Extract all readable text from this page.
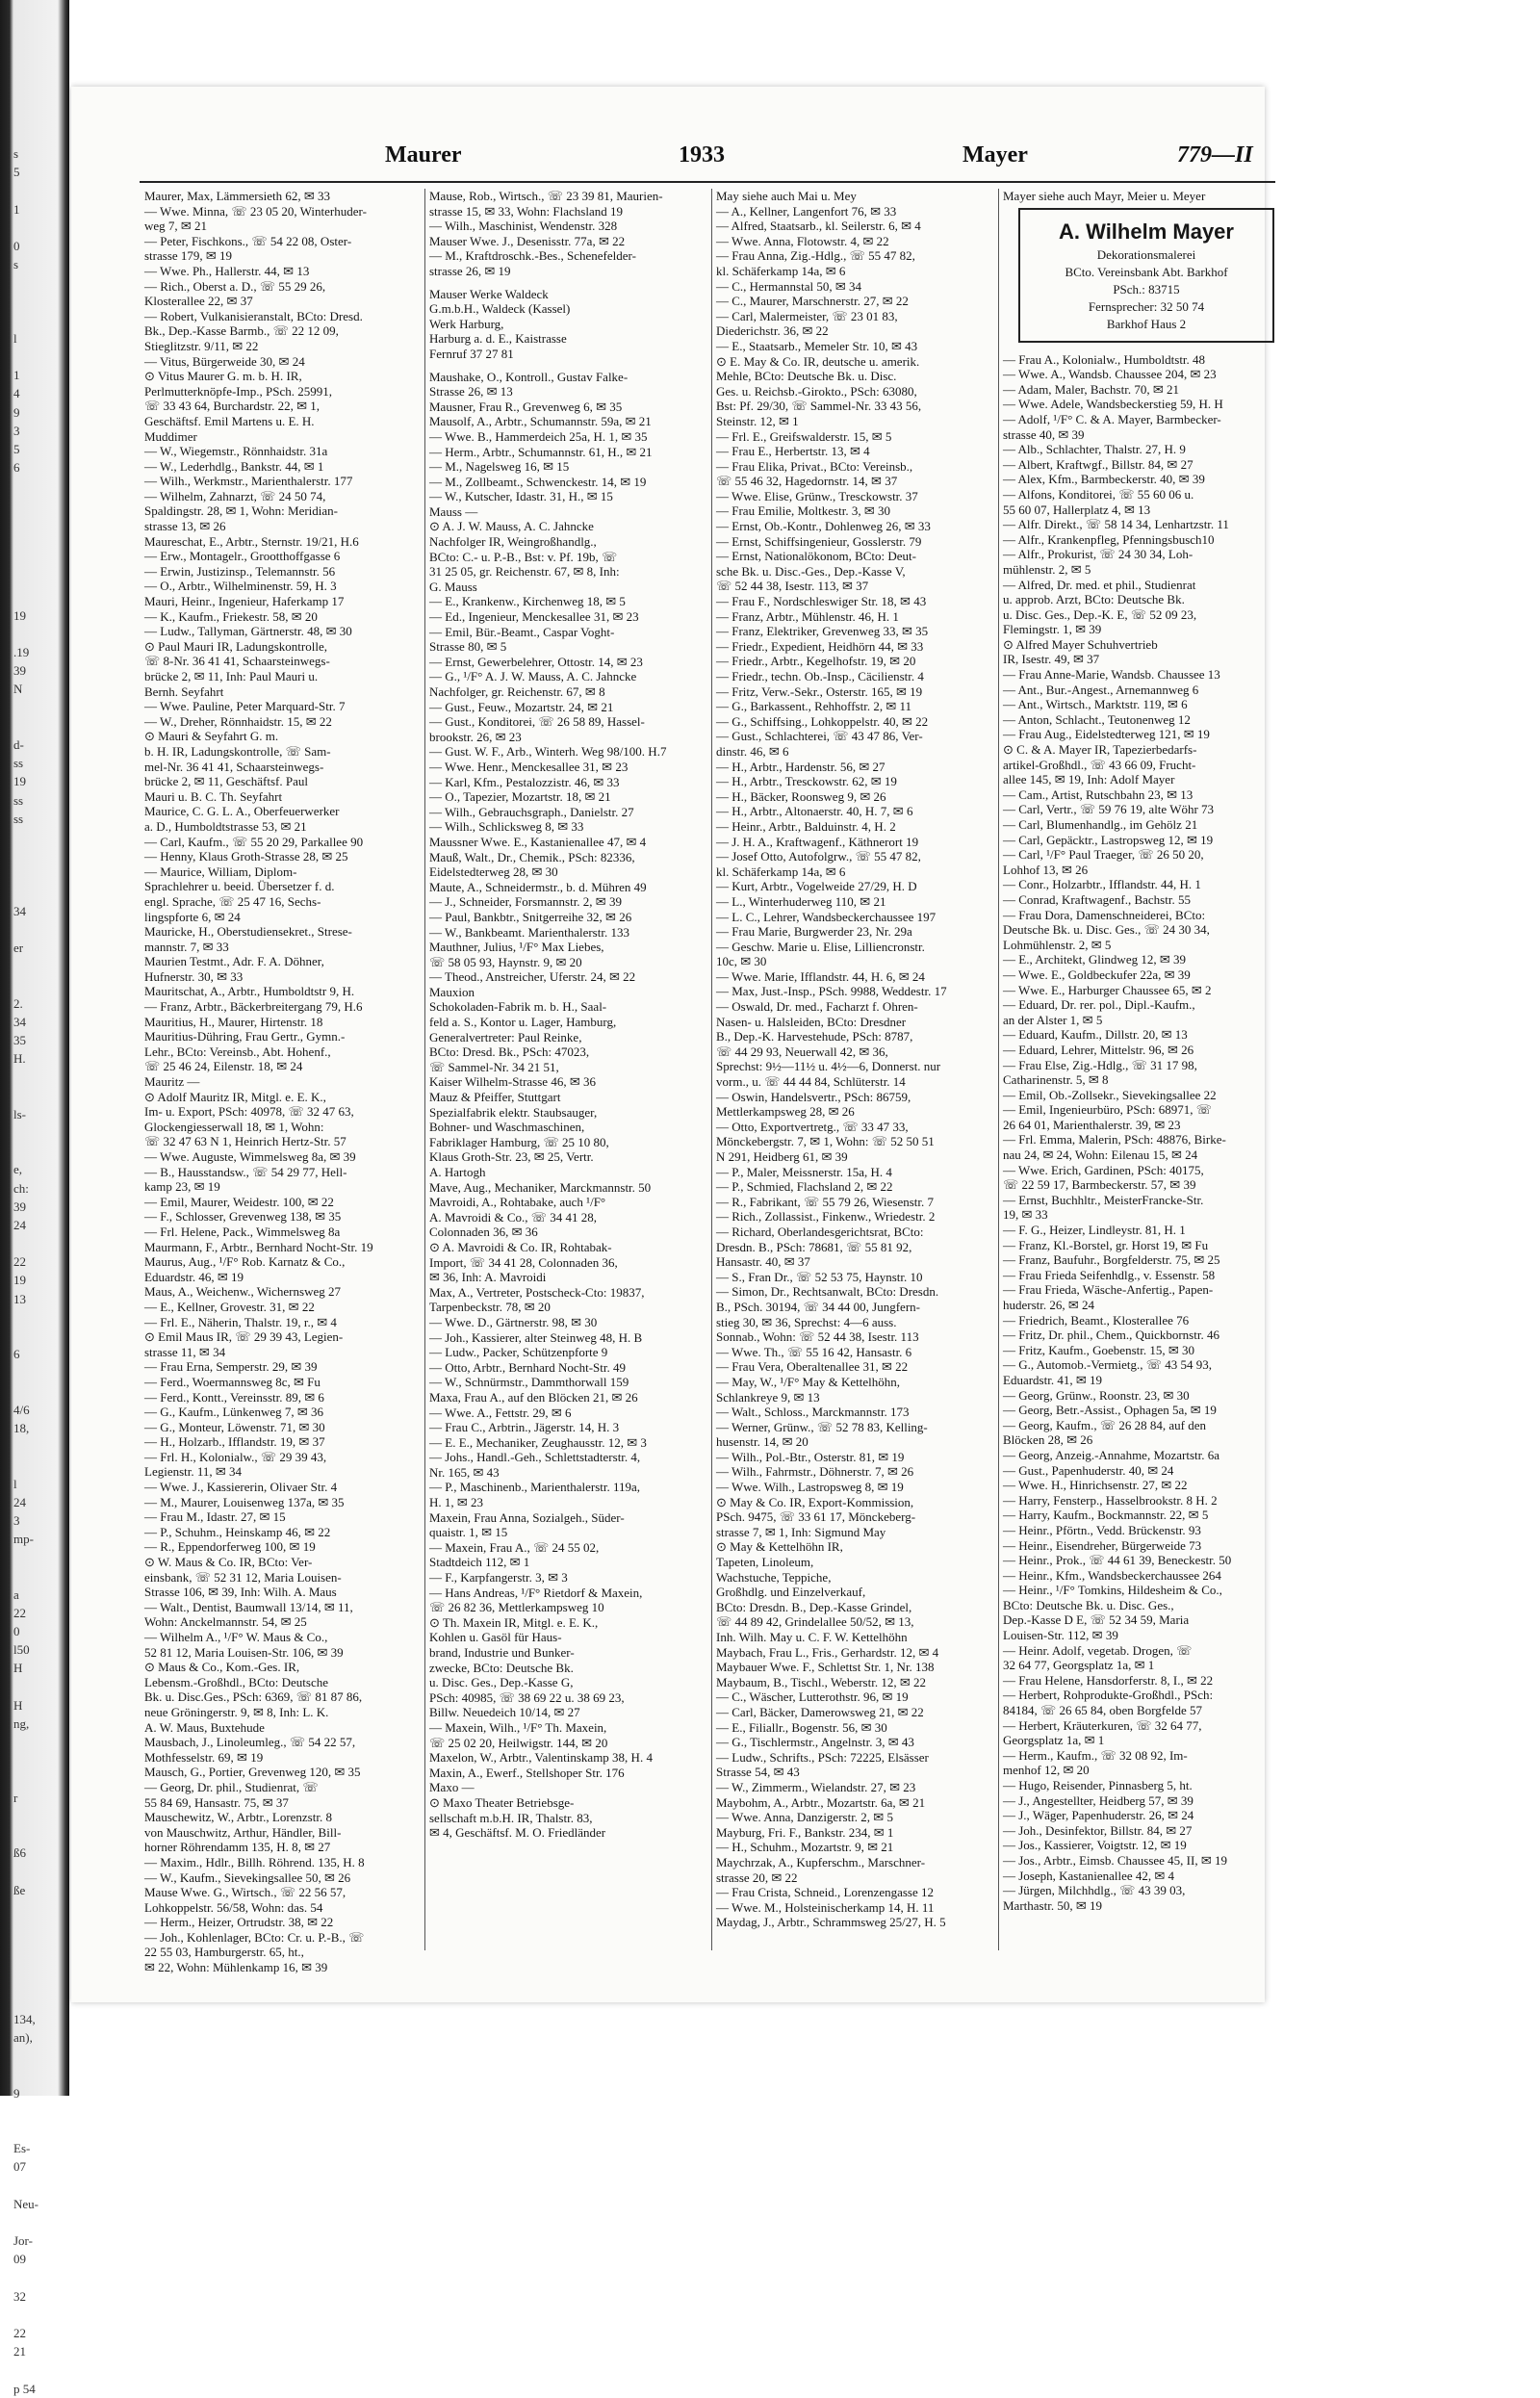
s
5
1
0
s
l
1
4
9
3
5
6
19
.19
39
N
d-
ss
19
ss
ss
34
er
2.
34
35
H.
ls-
e,
ch:
39
24
22
19
13
6
4/6
18,
l
24
3
mp-
a
22
0
l50
H
H
ng,
r
ß6
ße
134,
an),
9
Es-
07
Neu-
Jor-
09
32
22
21
p 54
Maurer	1933	Mayer	779—II
Maurer, Max, Lämmersieth 62, ✉ 33
— Wwe. Minna, ☏ 23 05 20, Winterhuder-
weg 7, ✉ 21
— Peter, Fischkons., ☏ 54 22 08, Oster-
strasse 179, ✉ 19
— Wwe. Ph., Hallerstr. 44, ✉ 13
— Rich., Oberst a. D., ☏ 55 29 26,
Klosterallee 22, ✉ 37
— Robert, Vulkanisieranstalt, BCto: Dresd.
Bk., Dep.-Kasse Barmb., ☏ 22 12 09,
Stieglitzstr. 9/11, ✉ 22
— Vitus, Bürgerweide 30, ✉ 24
⊙ Vitus Maurer G. m. b. H. IR,
Perlmutterknöpfe-Imp., PSch. 25991,
☏ 33 43 64, Burchardstr. 22, ✉ 1,
Geschäftsf. Emil Martens u. E. H.
Muddimer
— W., Wiegemstr., Rönnhaidstr. 31a
— W., Lederhdlg., Bankstr. 44, ✉ 1
— Wilh., Werkmstr., Marienthalerstr. 177
— Wilhelm, Zahnarzt, ☏ 24 50 74,
Spaldingstr. 28, ✉ 1, Wohn: Meridian-
strasse 13, ✉ 26
Maureschat, E., Arbtr., Sternstr. 19/21, H.6
— Erw., Montagelr., Grootthoffgasse 6
— Erwin, Justizinsp., Telemannstr. 56
— O., Arbtr., Wilhelminenstr. 59, H. 3
Mauri, Heinr., Ingenieur, Haferkamp 17
— K., Kaufm., Friekestr. 58, ✉ 20
— Ludw., Tallyman, Gärtnerstr. 48, ✉ 30
⊙ Paul Mauri IR, Ladungskontrolle,
☏ 8-Nr. 36 41 41, Schaarsteinwegs-
brücke 2, ✉ 11, Inh: Paul Mauri u.
Bernh. Seyfahrt
— Wwe. Pauline, Peter Marquard-Str. 7
— W., Dreher, Rönnhaidstr. 15, ✉ 22
⊙ Mauri & Seyfahrt G. m.
b. H. IR, Ladungskontrolle, ☏ Sam-
mel-Nr. 36 41 41, Schaarsteinwegs-
brücke 2, ✉ 11, Geschäftsf. Paul
Mauri u. B. C. Th. Seyfahrt
Maurice, C. G. L. A., Oberfeuerwerker
a. D., Humboldtstrasse 53, ✉ 21
— Carl, Kaufm., ☏ 55 20 29, Parkallee 90
— Henny, Klaus Groth-Strasse 28, ✉ 25
— Maurice, William, Diplom-
Sprachlehrer u. beeid. Übersetzer f. d.
engl. Sprache, ☏ 25 47 16, Sechs-
lingspforte 6, ✉ 24
Mauricke, H., Oberstudiensekret., Strese-
mannstr. 7, ✉ 33
Maurien Testmt., Adr. F. A. Döhner,
Hufnerstr. 30, ✉ 33
Mauritschat, A., Arbtr., Humboldtstr 9, H.
— Franz, Arbtr., Bäckerbreitergang 79, H.6
Mauritius, H., Maurer, Hirtenstr. 18
Mauritius-Dühring, Frau Gertr., Gymn.-
Lehr., BCto: Vereinsb., Abt. Hohenf.,
☏ 25 46 24, Eilenstr. 18, ✉ 24
Mauritz —
⊙ Adolf Mauritz IR, Mitgl. e. E. K.,
Im- u. Export, PSch: 40978, ☏ 32 47 63,
Glockengiesserwall 18, ✉ 1, Wohn:
☏ 32 47 63 N 1, Heinrich Hertz-Str. 57
— Wwe. Auguste, Wimmelsweg 8a, ✉ 39
— B., Hausstandsw., ☏ 54 29 77, Hell-
kamp 23, ✉ 19
— Emil, Maurer, Weidestr. 100, ✉ 22
— F., Schlosser, Grevenweg 138, ✉ 35
— Frl. Helene, Pack., Wimmelsweg 8a
Maurmann, F., Arbtr., Bernhard Nocht-Str. 19
Maurus, Aug., ¹/F° Rob. Karnatz & Co.,
Eduardstr. 46, ✉ 19
Maus, A., Weichenw., Wichernsweg 27
— E., Kellner, Grovestr. 31, ✉ 22
— Frl. E., Näherin, Thalstr. 19, r., ✉ 4
⊙ Emil Maus IR, ☏ 29 39 43, Legien-
strasse 11, ✉ 34
— Frau Erna, Semperstr. 29, ✉ 39
— Ferd., Woermannsweg 8c, ✉ Fu
— Ferd., Kontt., Vereinsstr. 89, ✉ 6
— G., Kaufm., Lünkenweg 7, ✉ 36
— G., Monteur, Löwenstr. 71, ✉ 30
— H., Holzarb., Ifflandstr. 19, ✉ 37
— Frl. H., Kolonialw., ☏ 29 39 43,
Legienstr. 11, ✉ 34
— Wwe. J., Kassiererin, Olivaer Str. 4
— M., Maurer, Louisenweg 137a, ✉ 35
— Frau M., Idastr. 27, ✉ 15
— P., Schuhm., Heinskamp 46, ✉ 22
— R., Eppendorferweg 100, ✉ 19
⊙ W. Maus & Co. IR, BCto: Ver-
einsbank, ☏ 52 31 12, Maria Louisen-
Strasse 106, ✉ 39, Inh: Wilh. A. Maus
— Walt., Dentist, Baumwall 13/14, ✉ 11,
Wohn: Anckelmannstr. 54, ✉ 25
— Wilhelm A., ¹/F° W. Maus & Co.,
52 81 12, Maria Louisen-Str. 106, ✉ 39
⊙ Maus & Co., Kom.-Ges. IR,
Lebensm.-Großhdl., BCto: Deutsche
Bk. u. Disc.Ges., PSch: 6369, ☏ 81 87 86,
neue Gröningerstr. 9, ✉ 8, Inh: L. K.
A. W. Maus, Buxtehude
Mausbach, J., Linoleumleg., ☏ 54 22 57,
Mothfesselstr. 69, ✉ 19
Mausch, G., Portier, Grevenweg 120, ✉ 35
— Georg, Dr. phil., Studienrat, ☏
55 84 69, Hansastr. 75, ✉ 37
Mauschewitz, W., Arbtr., Lorenzstr. 8
von Mauschwitz, Arthur, Händler, Bill-
horner Röhrendamm 135, H. 8, ✉ 27
— Maxim., Hdlr., Billh. Röhrend. 135, H. 8
— W., Kaufm., Sievekingsallee 50, ✉ 26
Mause Wwe. G., Wirtsch., ☏ 22 56 57,
Lohkoppelstr. 56/58, Wohn: das. 54
— Herm., Heizer, Ortrudstr. 38, ✉ 22
— Joh., Kohlenlager, BCto: Cr. u. P.-B., ☏
22 55 03, Hamburgerstr. 65, ht.,
✉ 22, Wohn: Mühlenkamp 16, ✉ 39
Mause, Rob., Wirtsch., ☏ 23 39 81, Maurien-
strasse 15, ✉ 33, Wohn: Flachsland 19
— Wilh., Maschinist, Wendenstr. 328
Mauser Wwe. J., Desenisstr. 77a, ✉ 22
— M., Kraftdroschk.-Bes., Schenefelder-
strasse 26, ✉ 19
Mauser Werke Waldeck
G.m.b.H., Waldeck (Kassel)
Werk Harburg,
Harburg a. d. E., Kaistrasse
Fernruf 37 27 81
Maushake, O., Kontroll., Gustav Falke-
Strasse 26, ✉ 13
Mausner, Frau R., Grevenweg 6, ✉ 35
Mausolf, A., Arbtr., Schumannstr. 59a, ✉ 21
— Wwe. B., Hammerdeich 25a, H. 1, ✉ 35
— Herm., Arbtr., Schumannstr. 61, H., ✉ 21
— M., Nagelsweg 16, ✉ 15
— M., Zollbeamt., Schwenckestr. 14, ✉ 19
— W., Kutscher, Idastr. 31, H., ✉ 15
Mauss —
⊙ A. J. W. Mauss, A. C. Jahncke
Nachfolger IR, Weingroßhandlg.,
BCto: C.- u. P.-B., Bst: v. Pf. 19b, ☏
31 25 05, gr. Reichenstr. 67, ✉ 8, Inh:
G. Mauss
— E., Krankenw., Kirchenweg 18, ✉ 5
— Ed., Ingenieur, Menckesallee 31, ✉ 23
— Emil, Bür.-Beamt., Caspar Voght-
Strasse 80, ✉ 5
— Ernst, Gewerbelehrer, Ottostr. 14, ✉ 23
— G., ¹/F° A. J. W. Mauss, A. C. Jahncke
Nachfolger, gr. Reichenstr. 67, ✉ 8
— Gust., Feuw., Mozartstr. 24, ✉ 21
— Gust., Konditorei, ☏ 26 58 89, Hassel-
brookstr. 26, ✉ 23
— Gust. W. F., Arb., Winterh. Weg 98/100. H.7
— Wwe. Henr., Menckesallee 31, ✉ 23
— Karl, Kfm., Pestalozzistr. 46, ✉ 33
— O., Tapezier, Mozartstr. 18, ✉ 21
— Wilh., Gebrauchsgraph., Danielstr. 27
— Wilh., Schlicksweg 8, ✉ 33
Maussner Wwe. E., Kastanienallee 47, ✉ 4
Mauß, Walt., Dr., Chemik., PSch: 82336,
Eidelstedterweg 28, ✉ 30
Maute, A., Schneidermstr., b. d. Mühren 49
— J., Schneider, Forsmannstr. 2, ✉ 39
— Paul, Bankbtr., Snitgerreihe 32, ✉ 26
— W., Bankbeamt. Marienthalerstr. 133
Mauthner, Julius, ¹/F° Max Liebes,
☏ 58 05 93, Haynstr. 9, ✉ 20
— Theod., Anstreicher, Uferstr. 24, ✉ 22
Mauxion
Schokoladen-Fabrik m. b. H., Saal-
feld a. S., Kontor u. Lager, Hamburg,
Generalvertreter: Paul Reinke,
BCto: Dresd. Bk., PSch: 47023,
☏ Sammel-Nr. 34 21 51,
Kaiser Wilhelm-Strasse 46, ✉ 36
Mauz & Pfeiffer, Stuttgart
Spezialfabrik elektr. Staubsauger,
Bohner- und Waschmaschinen,
Fabriklager Hamburg, ☏ 25 10 80,
Klaus Groth-Str. 23, ✉ 25, Vertr.
A. Hartogh
Mave, Aug., Mechaniker, Marckmannstr. 50
Mavroidi, A., Rohtabake, auch ¹/F°
A. Mavroidi & Co., ☏ 34 41 28,
Colonnaden 36, ✉ 36
⊙ A. Mavroidi & Co. IR, Rohtabak-
Import, ☏ 34 41 28, Colonnaden 36,
✉ 36, Inh: A. Mavroidi
Max, A., Vertreter, Postscheck-Cto: 19837,
Tarpenbeckstr. 78, ✉ 20
— Wwe. D., Gärtnerstr. 98, ✉ 30
— Joh., Kassierer, alter Steinweg 48, H. B
— Ludw., Packer, Schützenpforte 9
— Otto, Arbtr., Bernhard Nocht-Str. 49
— W., Schnürmstr., Dammthorwall 159
Maxa, Frau A., auf den Blöcken 21, ✉ 26
— Wwe. A., Fettstr. 29, ✉ 6
— Frau C., Arbtrin., Jägerstr. 14, H. 3
— E. E., Mechaniker, Zeughausstr. 12, ✉ 3
— Johs., Handl.-Geh., Schlettstadterstr. 4,
Nr. 165, ✉ 43
— P., Maschinenb., Marienthalerstr. 119a,
H. 1, ✉ 23
Maxein, Frau Anna, Sozialgeh., Süder-
quaistr. 1, ✉ 15
— Maxein, Frau A., ☏ 24 55 02,
Stadtdeich 112, ✉ 1
— F., Karpfangerstr. 3, ✉ 3
— Hans Andreas, ¹/F° Rietdorf & Maxein,
☏ 26 82 36, Mettlerkampsweg 10
⊙ Th. Maxein IR, Mitgl. e. E. K.,
Kohlen u. Gasöl für Haus-
brand, Industrie und Bunker-
zwecke, BCto: Deutsche Bk.
u. Disc. Ges., Dep.-Kasse G,
PSch: 40985, ☏ 38 69 22 u. 38 69 23,
Billw. Neuedeich 10/14, ✉ 27
— Maxein, Wilh., ¹/F° Th. Maxein,
☏ 25 02 20, Heilwigstr. 144, ✉ 20
Maxelon, W., Arbtr., Valentinskamp 38, H. 4
Maxin, A., Ewerf., Stellshoper Str. 176
Maxo —
⊙ Maxo Theater Betriebsge-
sellschaft m.b.H. IR, Thalstr. 83,
✉ 4, Geschäftsf. M. O. Friedländer
May siehe auch Mai u. Mey
— A., Kellner, Langenfort 76, ✉ 33
— Alfred, Staatsarb., kl. Seilerstr. 6, ✉ 4
— Wwe. Anna, Flotowstr. 4, ✉ 22
— Frau Anna, Zig.-Hdlg., ☏ 55 47 82,
kl. Schäferkamp 14a, ✉ 6
— C., Hermannstal 50, ✉ 34
— C., Maurer, Marschnerstr. 27, ✉ 22
— Carl, Malermeister, ☏ 23 01 83,
Diederichstr. 36, ✉ 22
— E., Staatsarb., Memeler Str. 10, ✉ 43
⊙ E. May & Co. IR, deutsche u. amerik.
Mehle, BCto: Deutsche Bk. u. Disc.
Ges. u. Reichsb.-Girokto., PSch: 63080,
Bst: Pf. 29/30, ☏ Sammel-Nr. 33 43 56,
Steinstr. 12, ✉ 1
— Frl. E., Greifswalderstr. 15, ✉ 5
— Frau E., Herbertstr. 13, ✉ 4
— Frau Elika, Privat., BCto: Vereinsb.,
☏ 55 46 32, Hagedornstr. 14, ✉ 37
— Wwe. Elise, Grünw., Tresckowstr. 37
— Frau Emilie, Moltkestr. 3, ✉ 30
— Ernst, Ob.-Kontr., Dohlenweg 26, ✉ 33
— Ernst, Schiffsingenieur, Gosslerstr. 79
— Ernst, Nationalökonom, BCto: Deut-
sche Bk. u. Disc.-Ges., Dep.-Kasse V,
☏ 52 44 38, Isestr. 113, ✉ 37
— Frau F., Nordschleswiger Str. 18, ✉ 43
— Franz, Arbtr., Mühlenstr. 46, H. 1
— Franz, Elektriker, Grevenweg 33, ✉ 35
— Friedr., Expedient, Heidhörn 44, ✉ 33
— Friedr., Arbtr., Kegelhofstr. 19, ✉ 20
— Friedr., techn. Ob.-Insp., Cäcilienstr. 4
— Fritz, Verw.-Sekr., Osterstr. 165, ✉ 19
— G., Barkassent., Rehhoffstr. 2, ✉ 11
— G., Schiffsing., Lohkoppelstr. 40, ✉ 22
— Gust., Schlachterei, ☏ 43 47 86, Ver-
dinstr. 46, ✉ 6
— H., Arbtr., Hardenstr. 56, ✉ 27
— H., Arbtr., Tresckowstr. 62, ✉ 19
— H., Bäcker, Roonsweg 9, ✉ 26
— H., Arbtr., Altonaerstr. 40, H. 7, ✉ 6
— Heinr., Arbtr., Balduinstr. 4, H. 2
— J. H. A., Kraftwagenf., Käthnerort 19
— Josef Otto, Autofolgrw., ☏ 55 47 82,
kl. Schäferkamp 14a, ✉ 6
— Kurt, Arbtr., Vogelweide 27/29, H. D
— L., Winterhuderweg 110, ✉ 21
— L. C., Lehrer, Wandsbeckerchaussee 197
— Frau Marie, Burgwerder 23, Nr. 29a
— Geschw. Marie u. Elise, Lilliencronstr.
10c, ✉ 30
— Wwe. Marie, Ifflandstr. 44, H. 6, ✉ 24
— Max, Just.-Insp., PSch. 9988, Weddestr. 17
— Oswald, Dr. med., Facharzt f. Ohren-
Nasen- u. Halsleiden, BCto: Dresdner
B., Dep.-K. Harvestehude, PSch: 8787,
☏ 44 29 93, Neuerwall 42, ✉ 36,
Sprechst: 9½—11½ u. 4½—6, Donnerst. nur
vorm., u. ☏ 44 44 84, Schlüterstr. 14
— Oswin, Handelsvertr., PSch: 86759,
Mettlerkampsweg 28, ✉ 26
— Otto, Exportvertretg., ☏ 33 47 33,
Mönckebergstr. 7, ✉ 1, Wohn: ☏ 52 50 51
N 291, Heidberg 61, ✉ 39
— P., Maler, Meissnerstr. 15a, H. 4
— P., Schmied, Flachsland 2, ✉ 22
— R., Fabrikant, ☏ 55 79 26, Wiesenstr. 7
— Rich., Zollassist., Finkenw., Wriedestr. 2
— Richard, Oberlandesgerichtsrat, BCto:
Dresdn. B., PSch: 78681, ☏ 55 81 92,
Hansastr. 40, ✉ 37
— S., Fran Dr., ☏ 52 53 75, Haynstr. 10
— Simon, Dr., Rechtsanwalt, BCto: Dresdn.
B., PSch. 30194, ☏ 34 44 00, Jungfern-
stieg 30, ✉ 36, Sprechst: 4—6 auss.
Sonnab., Wohn: ☏ 52 44 38, Isestr. 113
— Wwe. Th., ☏ 55 16 42, Hansastr. 6
— Frau Vera, Oberaltenallee 31, ✉ 22
— May, W., ¹/F° May & Kettelhöhn,
Schlankreye 9, ✉ 13
— Walt., Schloss., Marckmannstr. 173
— Werner, Grünw., ☏ 52 78 83, Kelling-
husenstr. 14, ✉ 20
— Wilh., Pol.-Btr., Osterstr. 81, ✉ 19
— Wilh., Fahrmstr., Döhnerstr. 7, ✉ 26
— Wwe. Wilh., Lastropsweg 8, ✉ 19
⊙ May & Co. IR, Export-Kommission,
PSch. 9475, ☏ 33 61 17, Mönckeberg-
strasse 7, ✉ 1, Inh: Sigmund May
⊙ May & Kettelhöhn IR,
Tapeten, Linoleum,
Wachstuche, Teppiche,
Großhdlg. und Einzelverkauf,
BCto: Dresdn. B., Dep.-Kasse Grindel,
☏ 44 89 42, Grindelallee 50/52, ✉ 13,
Inh. Wilh. May u. C. F. W. Kettelhöhn
Maybach, Frau L., Fris., Gerhardstr. 12, ✉ 4
Maybauer Wwe. F., Schlettst Str. 1, Nr. 138
Maybaum, B., Tischl., Weberstr. 12, ✉ 22
— C., Wäscher, Lutterothstr. 96, ✉ 19
— Carl, Bäcker, Damerowsweg 21, ✉ 22
— E., Filiallr., Bogenstr. 56, ✉ 30
— G., Tischlermstr., Angelnstr. 3, ✉ 43
— Ludw., Schrifts., PSch: 72225, Elsässer
Strasse 54, ✉ 43
— W., Zimmerm., Wielandstr. 27, ✉ 23
Maybohm, A., Arbtr., Mozartstr. 6a, ✉ 21
— Wwe. Anna, Danzigerstr. 2, ✉ 5
Mayburg, Fri. F., Bankstr. 234, ✉ 1
— H., Schuhm., Mozartstr. 9, ✉ 21
Maychrzak, A., Kupferschm., Marschner-
strasse 20, ✉ 22
— Frau Crista, Schneid., Lorenzengasse 12
— Wwe. M., Holsteinischerkamp 14, H. 11
Maydag, J., Arbtr., Schrammsweg 25/27, H. 5
Mayer siehe auch Mayr, Meier u. Meyer
A. Wilhelm Mayer
Dekorationsmalerei
BCto. Vereinsbank Abt. Barkhof
PSch.: 83715
Fernsprecher: 32 50 74
Barkhof Haus 2
— Frau A., Kolonialw., Humboldtstr. 48
— Wwe. A., Wandsb. Chaussee 204, ✉ 23
— Adam, Maler, Bachstr. 70, ✉ 21
— Wwe. Adele, Wandsbeckerstieg 59, H. H
— Adolf, ¹/F° C. & A. Mayer, Barmbecker-
strasse 40, ✉ 39
— Alb., Schlachter, Thalstr. 27, H. 9
— Albert, Kraftwgf., Billstr. 84, ✉ 27
— Alex, Kfm., Barmbeckerstr. 40, ✉ 39
— Alfons, Konditorei, ☏ 55 60 06 u.
55 60 07, Hallerplatz 4, ✉ 13
— Alfr. Direkt., ☏ 58 14 34, Lenhartzstr. 11
— Alfr., Krankenpfleg, Pfenningsbusch10
— Alfr., Prokurist, ☏ 24 30 34, Loh-
mühlenstr. 2, ✉ 5
— Alfred, Dr. med. et phil., Studienrat
u. approb. Arzt, BCto: Deutsche Bk.
u. Disc. Ges., Dep.-K. E, ☏ 52 09 23,
Flemingstr. 1, ✉ 39
⊙ Alfred Mayer Schuhvertrieb
IR, Isestr. 49, ✉ 37
— Frau Anne-Marie, Wandsb. Chaussee 13
— Ant., Bur.-Angest., Arnemannweg 6
— Ant., Wirtsch., Marktstr. 119, ✉ 6
— Anton, Schlacht., Teutonenweg 12
— Frau Aug., Eidelstedterweg 121, ✉ 19
⊙ C. & A. Mayer IR, Tapezierbedarfs-
artikel-Großhdl., ☏ 43 66 09, Frucht-
allee 145, ✉ 19, Inh: Adolf Mayer
— Cam., Artist, Rutschbahn 23, ✉ 13
— Carl, Vertr., ☏ 59 76 19, alte Wöhr 73
— Carl, Blumenhandlg., im Gehölz 21
— Carl, Gepäcktr., Lastropsweg 12, ✉ 19
— Carl, ¹/F° Paul Traeger, ☏ 26 50 20,
Lohhof 13, ✉ 26
— Conr., Holzarbtr., Ifflandstr. 44, H. 1
— Conrad, Kraftwagenf., Bachstr. 55
— Frau Dora, Damenschneiderei, BCto:
Deutsche Bk. u. Disc. Ges., ☏ 24 30 34,
Lohmühlenstr. 2, ✉ 5
— E., Architekt, Glindweg 12, ✉ 39
— Wwe. E., Goldbeckufer 22a, ✉ 39
— Wwe. E., Harburger Chaussee 65, ✉ 2
— Eduard, Dr. rer. pol., Dipl.-Kaufm.,
an der Alster 1, ✉ 5
— Eduard, Kaufm., Dillstr. 20, ✉ 13
— Eduard, Lehrer, Mittelstr. 96, ✉ 26
— Frau Else, Zig.-Hdlg., ☏ 31 17 98,
Catharinenstr. 5, ✉ 8
— Emil, Ob.-Zollsekr., Sievekingsallee 22
— Emil, Ingenieurbüro, PSch: 68971, ☏
26 64 01, Marienthalerstr. 39, ✉ 23
— Frl. Emma, Malerin, PSch: 48876, Birke-
nau 24, ✉ 24, Wohn: Eilenau 15, ✉ 24
— Wwe. Erich, Gardinen, PSch: 40175,
☏ 22 59 17, Barmbeckerstr. 57, ✉ 39
— Ernst, Buchhltr., MeisterFrancke-Str.
19, ✉ 33
— F. G., Heizer, Lindleystr. 81, H. 1
— Franz, Kl.-Borstel, gr. Horst 19, ✉ Fu
— Franz, Baufuhr., Borgfelderstr. 75, ✉ 25
— Frau Frieda Seifenhdlg., v. Essenstr. 58
— Frau Frieda, Wäsche-Anfertig., Papen-
huderstr. 26, ✉ 24
— Friedrich, Beamt., Klosterallee 76
— Fritz, Dr. phil., Chem., Quickbornstr. 46
— Fritz, Kaufm., Goebenstr. 15, ✉ 30
— G., Automob.-Vermietg., ☏ 43 54 93,
Eduardstr. 41, ✉ 19
— Georg, Grünw., Roonstr. 23, ✉ 30
— Georg, Betr.-Assist., Ophagen 5a, ✉ 19
— Georg, Kaufm., ☏ 26 28 84, auf den
Blöcken 28, ✉ 26
— Georg, Anzeig.-Annahme, Mozartstr. 6a
— Gust., Papenhuderstr. 40, ✉ 24
— Wwe. H., Hinrichsenstr. 27, ✉ 22
— Harry, Fensterp., Hasselbrookstr. 8 H. 2
— Harry, Kaufm., Bockmannstr. 22, ✉ 5
— Heinr., Pförtn., Vedd. Brückenstr. 93
— Heinr., Eisendreher, Bürgerweide 73
— Heinr., Prok., ☏ 44 61 39, Beneckestr. 50
— Heinr., Kfm., Wandsbeckerchaussee 264
— Heinr., ¹/F° Tomkins, Hildesheim & Co.,
BCto: Deutsche Bk. u. Disc. Ges.,
Dep.-Kasse D E, ☏ 52 34 59, Maria
Louisen-Str. 112, ✉ 39
— Heinr. Adolf, vegetab. Drogen, ☏
32 64 77, Georgsplatz 1a, ✉ 1
— Frau Helene, Hansdorferstr. 8, I., ✉ 22
— Herbert, Rohprodukte-Großhdl., PSch:
84184, ☏ 26 65 84, oben Borgfelde 57
— Herbert, Kräuterkuren, ☏ 32 64 77,
Georgsplatz 1a, ✉ 1
— Herm., Kaufm., ☏ 32 08 92, Im-
menhof 12, ✉ 20
— Hugo, Reisender, Pinnasberg 5, ht.
— J., Angestellter, Heidberg 57, ✉ 39
— J., Wäger, Papenhuderstr. 26, ✉ 24
— Joh., Desinfektor, Billstr. 84, ✉ 27
— Jos., Kassierer, Voigtstr. 12, ✉ 19
— Jos., Arbtr., Eimsb. Chaussee 45, II, ✉ 19
— Joseph, Kastanienallee 42, ✉ 4
— Jürgen, Milchhdlg., ☏ 43 39 03,
Marthastr. 50, ✉ 19
